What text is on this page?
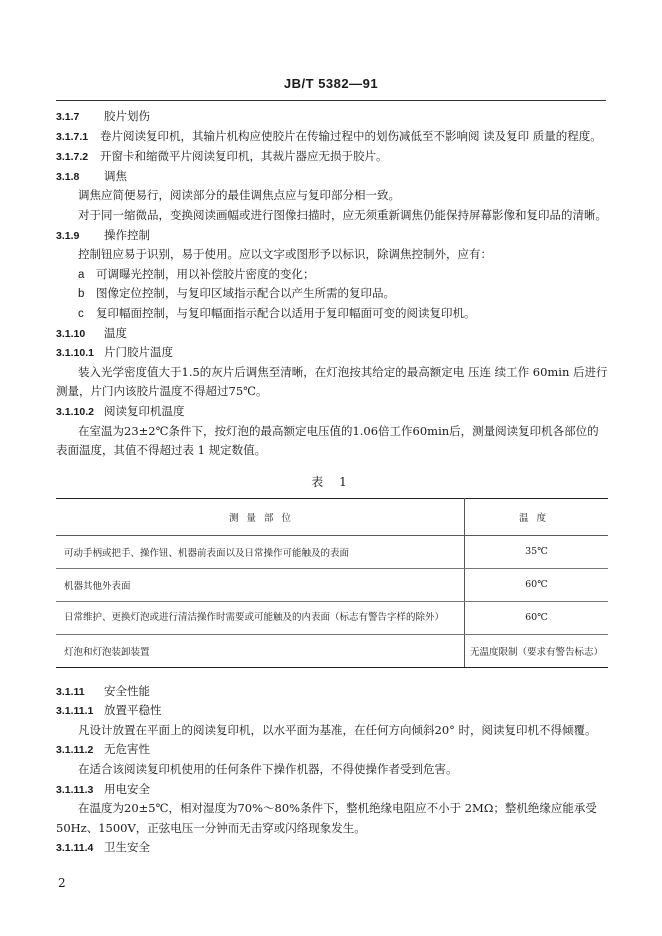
JB/T 5382—91
3.1.7 胶片划伤
3.1.7.1 卷片阅读复印机，其输片机构应使胶片在传输过程中的划伤减低至不影响阅 读及复印 质量的程度。
3.1.7.2 开窗卡和缩微平片阅读复印机，其裁片器应无损于胶片。
3.1.8 调焦
调焦应简便易行，阅读部分的最佳调焦点应与复印部分相一致。
对于同一缩微品，变换阅读画幅或进行图像扫描时，应无须重新调焦仍能保持屏幕影像和复印品的清晰。
3.1.9 操作控制
控制钮应易于识别，易于使用。应以文字或图形予以标识，除调焦控制外，应有：
a 可调曝光控制，用以补偿胶片密度的变化；
b 图像定位控制，与复印区域指示配合以产生所需的复印品。
c 复印幅面控制，与复印幅面指示配合以适用于复印幅面可变的阅读复印机。
3.1.10 温度
3.1.10.1 片门胶片温度
装入光学密度值大于1.5的灰片后调焦至清晰，在灯泡按其给定的最高额定电 压连 续工作 60min 后进行测量，片门内该胶片温度不得超过75℃。
3.1.10.2 阅读复印机温度
在室温为23±2℃条件下，按灯泡的最高额定电压值的1.06倍工作60min后，测量阅读复印机各部位的表面温度，其值不得超过表 1 规定数值。
表 1
测量部位	温度
可动手柄或把手、操作钮、机器前表面以及日常操作可能触及的表面	35℃
机器其他外表面	60℃
日常维护、更换灯泡或进行清洁操作时需要或可能触及的内表面（标志有警告字样的除外）	60℃
灯泡和灯泡装卸装置	无温度限制（要求有警告标志）
3.1.11 安全性能
3.1.11.1 放置平稳性
凡设计放置在平面上的阅读复印机，以水平面为基准，在任何方向倾斜20° 时，阅读复印机不得倾覆。
3.1.11.2 无危害性
在适合该阅读复印机使用的任何条件下操作机器，不得使操作者受到危害。
3.1.11.3 用电安全
在温度为20±5℃，相对湿度为70%～80%条件下，整机绝缘电阻应不小于 2MΩ；整机绝缘应能承受50Hz、1500V，正弦电压一分钟而无击穿或闪络现象发生。
3.1.11.4 卫生安全
2
